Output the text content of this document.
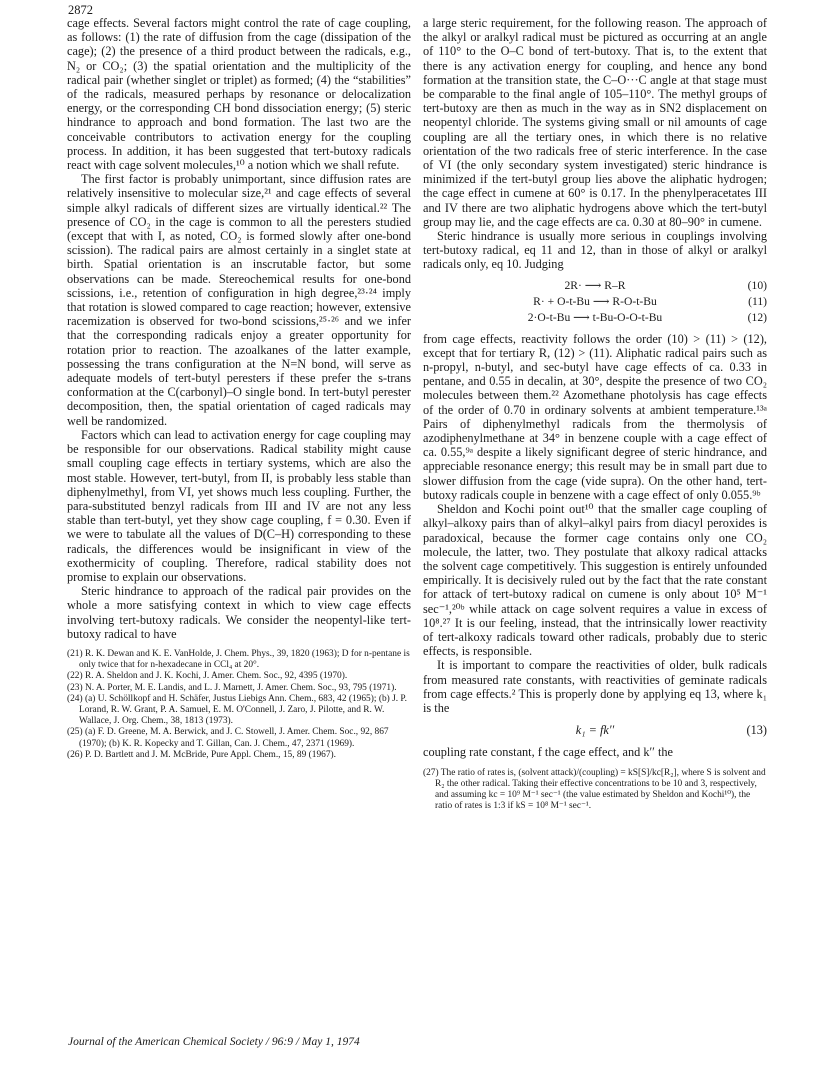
2872

cage effects. Several factors might control the rate of cage coupling, as follows: (1) the rate of diffusion from the cage (dissipation of the cage); (2) the presence of a third product between the radicals, e.g., N₂ or CO₂; (3) the spatial orientation and the multiplicity of the radical pair (whether singlet or triplet) as formed; (4) the “stabilities” of the radicals, measured perhaps by resonance or delocalization energy, or the corresponding CH bond dissociation energy; (5) steric hindrance to approach and bond formation. The last two are the conceivable contributors to activation energy for the coupling process. In addition, it has been suggested that tert-butoxy radicals react with cage solvent molecules,¹⁰ a notion which we shall refute.

The first factor is probably unimportant, since diffusion rates are relatively insensitive to molecular size,²¹ and cage effects of several simple alkyl radicals of different sizes are virtually identical.²² The presence of CO₂ in the cage is common to all the peresters studied (except that with I, as noted, CO₂ is formed slowly after one-bond scission). The radical pairs are almost certainly in a singlet state at birth. Spatial orientation is an inscrutable factor, but some observations can be made. Stereochemical results for one-bond scissions, i.e., retention of configuration in high degree,²³·²⁴ imply that rotation is slowed compared to cage reaction; however, extensive racemization is observed for two-bond scissions,²⁵·²⁶ and we infer that the corresponding radicals enjoy a greater opportunity for rotation prior to reaction. The azoalkanes of the latter example, possessing the trans configuration at the N=N bond, will serve as adequate models of tert-butyl peresters if these prefer the s-trans conformation at the C(carbonyl)–O single bond. In tert-butyl perester decomposition, then, the spatial orientation of caged radicals may well be randomized.

Factors which can lead to activation energy for cage coupling may be responsible for our observations. Radical stability might cause small coupling cage effects in tertiary systems, which are also the most stable. However, tert-butyl, from II, is probably less stable than diphenylmethyl, from VI, yet shows much less coupling. Further, the para-substituted benzyl radicals from III and IV are not any less stable than tert-butyl, yet they show cage coupling, f = 0.30. Even if we were to tabulate all the values of D(C–H) corresponding to these radicals, the differences would be insignificant in view of the exothermicity of coupling. Therefore, radical stability does not promise to explain our observations.

Steric hindrance to approach of the radical pair provides on the whole a more satisfying context in which to view cage effects involving tert-butoxy radicals. We consider the neopentyl-like tert-butoxy radical to have

(21) R. K. Dewan and K. E. VanHolde, J. Chem. Phys., 39, 1820 (1963); D for n-pentane is only twice that for n-hexadecane in CCl₄ at 20°.

(22) R. A. Sheldon and J. K. Kochi, J. Amer. Chem. Soc., 92, 4395 (1970).

(23) N. A. Porter, M. E. Landis, and L. J. Marnett, J. Amer. Chem. Soc., 93, 795 (1971).

(24) (a) U. Schöllkopf and H. Schäfer, Justus Liebigs Ann. Chem., 683, 42 (1965); (b) J. P. Lorand, R. W. Grant, P. A. Samuel, E. M. O'Connell, J. Zaro, J. Pilotte, and R. W. Wallace, J. Org. Chem., 38, 1813 (1973).

(25) (a) F. D. Greene, M. A. Berwick, and J. C. Stowell, J. Amer. Chem. Soc., 92, 867 (1970); (b) K. R. Kopecky and T. Gillan, Can. J. Chem., 47, 2371 (1969).

(26) P. D. Bartlett and J. M. McBride, Pure Appl. Chem., 15, 89 (1967).

a large steric requirement, for the following reason. The approach of the alkyl or aralkyl radical must be pictured as occurring at an angle of 110° to the O–C bond of tert-butoxy. That is, to the extent that there is any activation energy for coupling, and hence any bond formation at the transition state, the C–O···C angle at that stage must be comparable to the final angle of 105–110°. The methyl groups of tert-butoxy are then as much in the way as in SN2 displacement on neopentyl chloride. The systems giving small or nil amounts of cage coupling are all the tertiary ones, in which there is no relative orientation of the two radicals free of steric interference. In the case of VI (the only secondary system investigated) steric hindrance is minimized if the tert-butyl group lies above the aliphatic hydrogen; the cage effect in cumene at 60° is 0.17. In the phenylperacetates III and IV there are two aliphatic hydrogens above which the tert-butyl group may lie, and the cage effects are ca. 0.30 at 80–90° in cumene.

Steric hindrance is usually more serious in couplings involving tert-butoxy radical, eq 11 and 12, than in those of alkyl or aralkyl radicals only, eq 10. Judging

2R· ⟶ R–R	(10)
R· + O-t-Bu ⟶ R-O-t-Bu	(11)
2·O-t-Bu ⟶ t-Bu-O-O-t-Bu	(12)

from cage effects, reactivity follows the order (10) > (11) > (12), except that for tertiary R, (12) > (11). Aliphatic radical pairs such as n-propyl, n-butyl, and sec-butyl have cage effects of ca. 0.33 in pentane, and 0.55 in decalin, at 30°, despite the presence of two CO₂ molecules between them.²² Azomethane photolysis has cage effects of the order of 0.70 in ordinary solvents at ambient temperature.¹³ᵃ Pairs of diphenylmethyl radicals from the thermolysis of azodiphenylmethane at 34° in benzene couple with a cage effect of ca. 0.55,⁹ᵃ despite a likely significant degree of steric hindrance, and appreciable resonance energy; this result may be in small part due to slower diffusion from the cage (vide supra). On the other hand, tert-butoxy radicals couple in benzene with a cage effect of only 0.055.⁹ᵇ

Sheldon and Kochi point out¹⁰ that the smaller cage coupling of alkyl–alkoxy pairs than of alkyl–alkyl pairs from diacyl peroxides is paradoxical, because the former cage contains only one CO₂ molecule, the latter, two. They postulate that alkoxy radical attacks the solvent cage competitively. This suggestion is entirely unfounded empirically. It is decisively ruled out by the fact that the rate constant for attack of tert-butoxy radical on cumene is only about 10⁵ M⁻¹ sec⁻¹,²⁰ᵇ while attack on cage solvent requires a value in excess of 10⁸.²⁷ It is our feeling, instead, that the intrinsically lower reactivity of tert-alkoxy radicals toward other radicals, probably due to steric effects, is responsible.

It is important to compare the reactivities of older, bulk radicals from measured rate constants, with reactivities of geminate radicals from cage effects.² This is properly done by applying eq 13, where k₁ is the

k₁ = fk′′	(13)

coupling rate constant, f the cage effect, and k′′ the

(27) The ratio of rates is, (solvent attack)/(coupling) = kS[S]/kc[R₂], where S is solvent and R₂ the other radical. Taking their effective concentrations to be 10 and 3, respectively, and assuming kc = 10⁹ M⁻¹ sec⁻¹ (the value estimated by Sheldon and Kochi¹⁰), the ratio of rates is 1:3 if kS = 10⁸ M⁻¹ sec⁻¹.

Journal of the American Chemical Society / 96:9 / May 1, 1974
